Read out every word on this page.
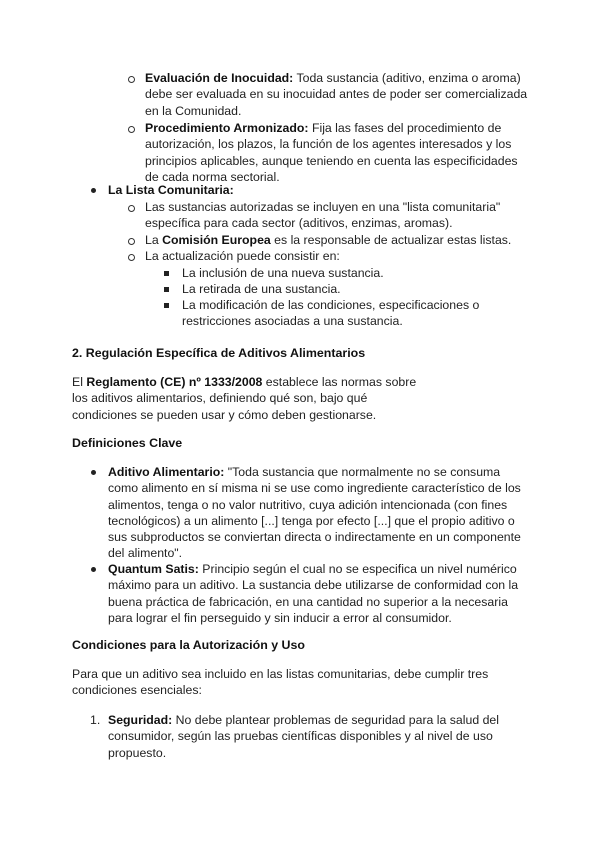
Evaluación de Inocuidad: Toda sustancia (aditivo, enzima o aroma) debe ser evaluada en su inocuidad antes de poder ser comercializada en la Comunidad.

Procedimiento Armonizado: Fija las fases del procedimiento de autorización, los plazos, la función de los agentes interesados y los principios aplicables, aunque teniendo en cuenta las especificidades de cada norma sectorial.

La Lista Comunitaria:

Las sustancias autorizadas se incluyen en una "lista comunitaria" específica para cada sector (aditivos, enzimas, aromas).

La Comisión Europea es la responsable de actualizar estas listas.

La actualización puede consistir en:

La inclusión de una nueva sustancia.

La retirada de una sustancia.

La modificación de las condiciones, especificaciones o restricciones asociadas a una sustancia.

2. Regulación Específica de Aditivos Alimentarios

El Reglamento (CE) nº 1333/2008 establece las normas sobre los aditivos alimentarios, definiendo qué son, bajo qué condiciones se pueden usar y cómo deben gestionarse.

Definiciones Clave

Aditivo Alimentario: "Toda sustancia que normalmente no se consuma como alimento en sí misma ni se use como ingrediente característico de los alimentos, tenga o no valor nutritivo, cuya adición intencionada (con fines tecnológicos) a un alimento [...] tenga por efecto [...] que el propio aditivo o sus subproductos se conviertan directa o indirectamente en un componente del alimento".

Quantum Satis: Principio según el cual no se especifica un nivel numérico máximo para un aditivo. La sustancia debe utilizarse de conformidad con la buena práctica de fabricación, en una cantidad no superior a la necesaria para lograr el fin perseguido y sin inducir a error al consumidor.

Condiciones para la Autorización y Uso

Para que un aditivo sea incluido en las listas comunitarias, debe cumplir tres condiciones esenciales:

1. Seguridad: No debe plantear problemas de seguridad para la salud del consumidor, según las pruebas científicas disponibles y al nivel de uso propuesto.
